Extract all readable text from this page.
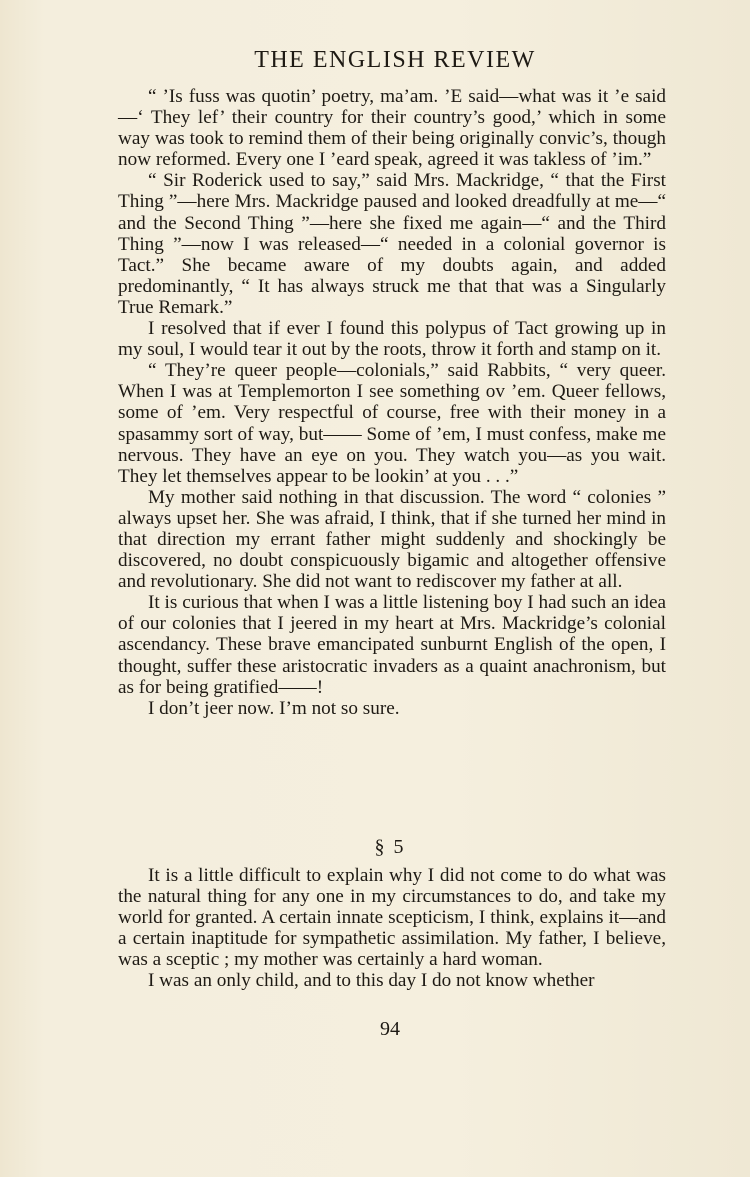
THE ENGLISH REVIEW

“ ’Is fuss was quotin’ poetry, ma’am. ’E said—what was it ’e said—‘ They lef’ their country for their country’s good,’ which in some way was took to remind them of their being originally convic’s, though now reformed. Every one I ’eard speak, agreed it was takless of ’im.”

“ Sir Roderick used to say,” said Mrs. Mackridge, “ that the First Thing ”—here Mrs. Mackridge paused and looked dreadfully at me—“ and the Second Thing ”—here she fixed me again—“ and the Third Thing ”—now I was released—“ needed in a colonial governor is Tact.” She became aware of my doubts again, and added predominantly, “ It has always struck me that that was a Singularly True Remark.”

I resolved that if ever I found this polypus of Tact growing up in my soul, I would tear it out by the roots, throw it forth and stamp on it.

“ They’re queer people—colonials,” said Rabbits, “ very queer. When I was at Templemorton I see something ov ’em. Queer fellows, some of ’em. Very respectful of course, free with their money in a spasammy sort of way, but—— Some of ’em, I must confess, make me nervous. They have an eye on you. They watch you—as you wait. They let themselves appear to be lookin’ at you . . .”

My mother said nothing in that discussion. The word “ colonies ” always upset her. She was afraid, I think, that if she turned her mind in that direction my errant father might suddenly and shockingly be discovered, no doubt conspicuously bigamic and altogether offensive and revolutionary. She did not want to rediscover my father at all.

It is curious that when I was a little listening boy I had such an idea of our colonies that I jeered in my heart at Mrs. Mackridge’s colonial ascendancy. These brave emancipated sunburnt English of the open, I thought, suffer these aristocratic invaders as a quaint anachronism, but as for being gratified——!

I don’t jeer now. I’m not so sure.

§ 5

It is a little difficult to explain why I did not come to do what was the natural thing for any one in my circumstances to do, and take my world for granted. A certain innate scepticism, I think, explains it—and a certain inaptitude for sympathetic assimilation. My father, I believe, was a sceptic ; my mother was certainly a hard woman.

I was an only child, and to this day I do not know whether

94
